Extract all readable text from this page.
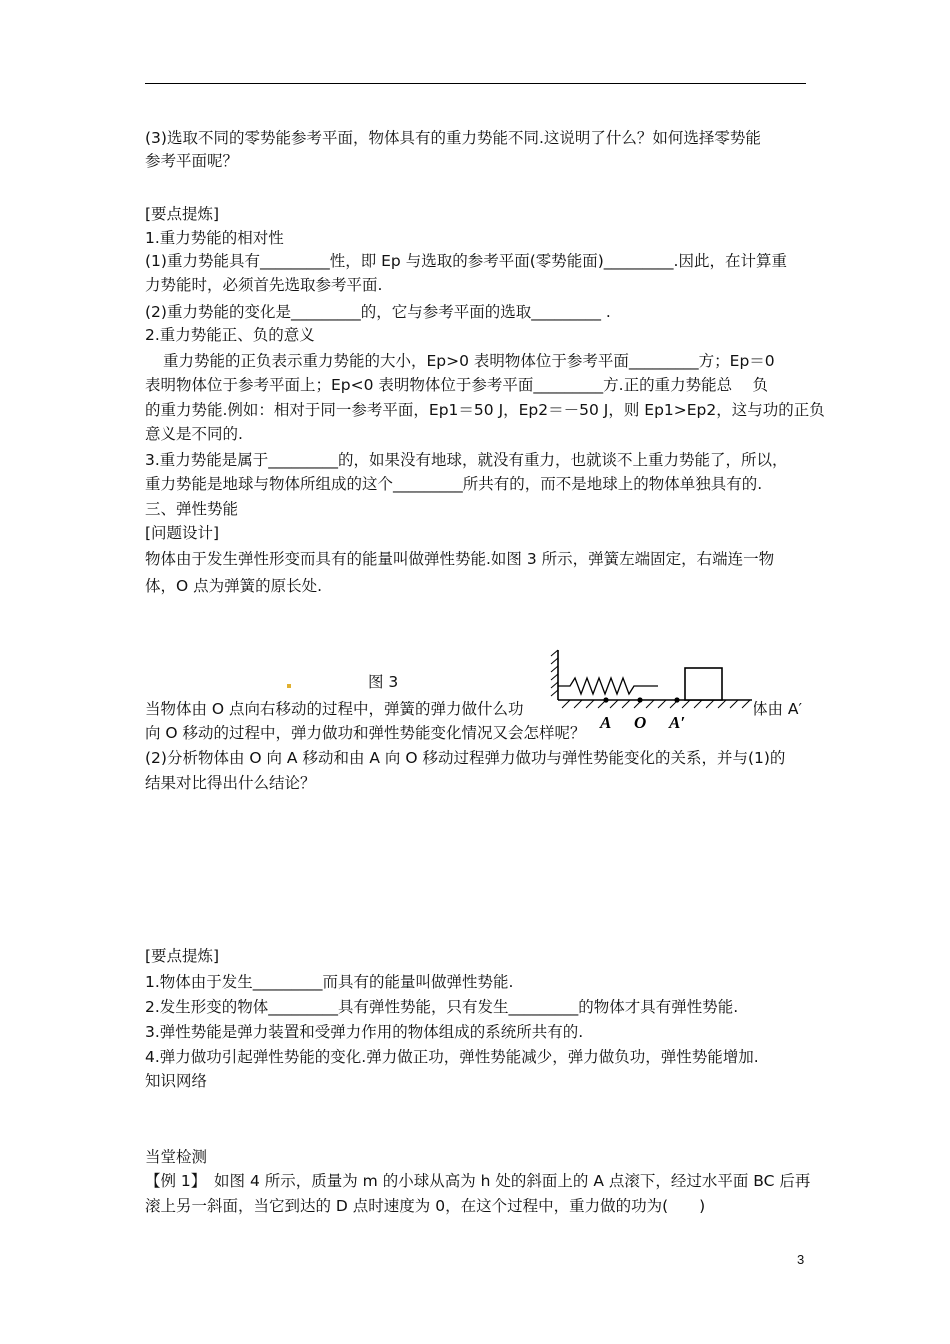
(3)选取不同的零势能参考平面，物体具有的重力势能不同.这说明了什么？如何选择零势能
参考平面呢？
[要点提炼]
1.重力势能的相对性
(1)重力势能具有_________性，即 Ep 与选取的参考平面(零势能面)_________.因此，在计算重
力势能时，必须首先选取参考平面.
(2)重力势能的变化是_________的，它与参考平面的选取_________ .
2.重力势能正、负的意义
重力势能的正负表示重力势能的大小，Ep>0 表明物体位于参考平面_________方；Ep＝0
表明物体位于参考平面上；Ep<0 表明物体位于参考平面_________方.正的重力势能总　 负
的重力势能.例如：相对于同一参考平面，Ep1＝50 J，Ep2＝－50 J，则 Ep1>Ep2，这与功的正负
意义是不同的.
3.重力势能是属于_________的，如果没有地球，就没有重力，也就谈不上重力势能了，所以，
重力势能是地球与物体所组成的这个_________所共有的，而不是地球上的物体单独具有的.
三、弹性势能
[问题设计]
物体由于发生弹性形变而具有的能量叫做弹性势能.如图 3 所示，弹簧左端固定，右端连一物
体，O 点为弹簧的原长处.
图 3
当物体由 O 点向右移动的过程中，弹簧的弹力做什么功	体由 A′
A O A′
向 O 移动的过程中，弹力做功和弹性势能变化情况又会怎样呢？
(2)分析物体由 O 向 A 移动和由 A 向 O 移动过程弹力做功与弹性势能变化的关系，并与(1)的
结果对比得出什么结论？
[要点提炼]
1.物体由于发生_________而具有的能量叫做弹性势能.
2.发生形变的物体_________具有弹性势能，只有发生_________的物体才具有弹性势能.
3.弹性势能是弹力装置和受弹力作用的物体组成的系统所共有的.
4.弹力做功引起弹性势能的变化.弹力做正功，弹性势能减少，弹力做负功，弹性势能增加.
知识网络
当堂检测
【例 1】　如图 4 所示，质量为 m 的小球从高为 h 处的斜面上的 A 点滚下，经过水平面 BC 后再
滚上另一斜面，当它到达的 D 点时速度为 0，在这个过程中，重力做的功为(　　)
3
